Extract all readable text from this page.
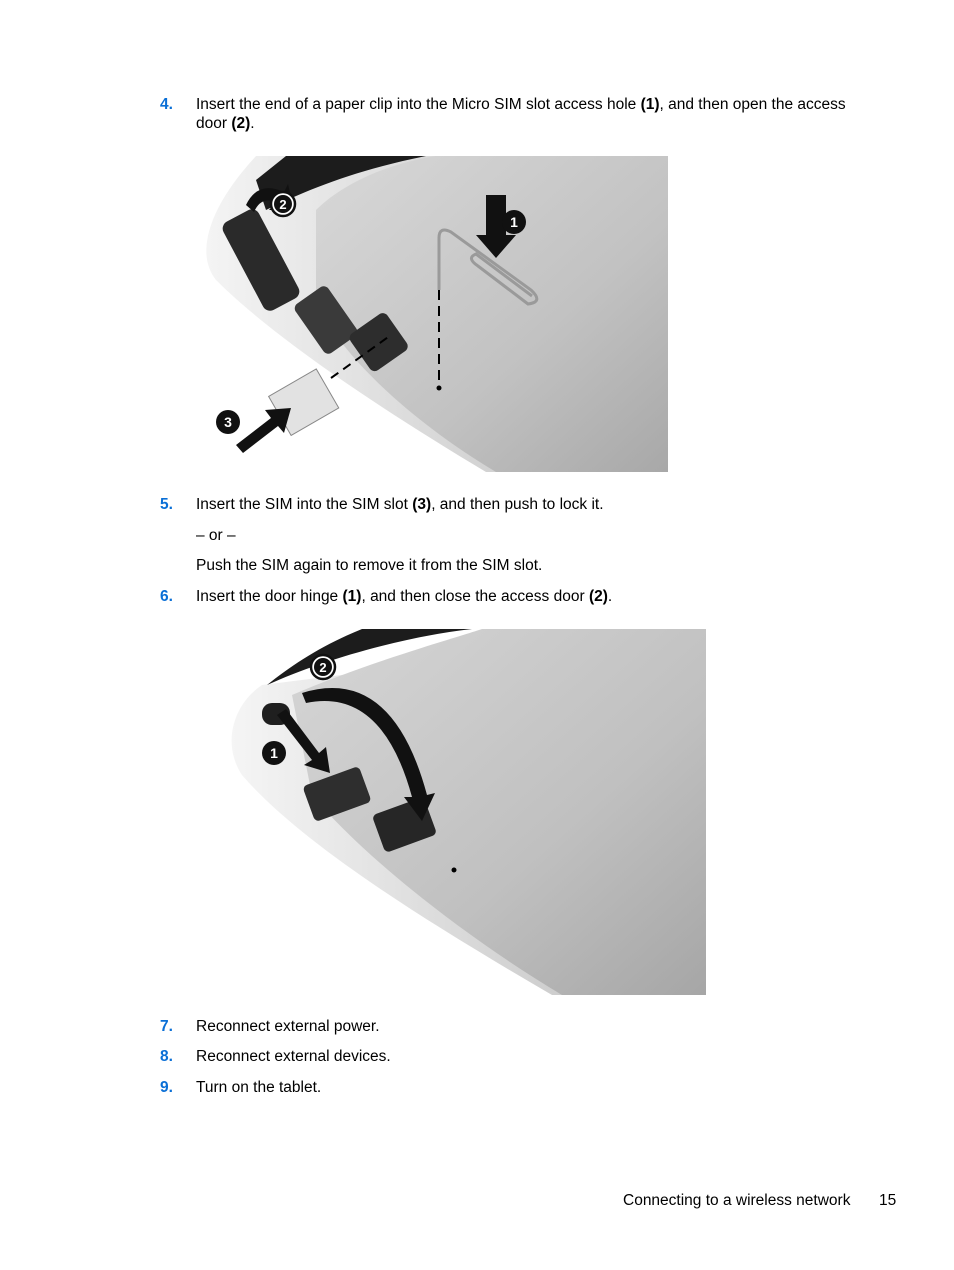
4.	Insert the end of a paper clip into the Micro SIM slot access hole (1), and then open the access
door (2).
1
2
3
5.	Insert the SIM into the SIM slot (3), and then push to lock it.
– or –
Push the SIM again to remove it from the SIM slot.
6.	Insert the door hinge (1), and then close the access door (2).
1
2
7.	Reconnect external power.
8.	Reconnect external devices.
9.	Turn on the tablet.
Connecting to a wireless network 15
